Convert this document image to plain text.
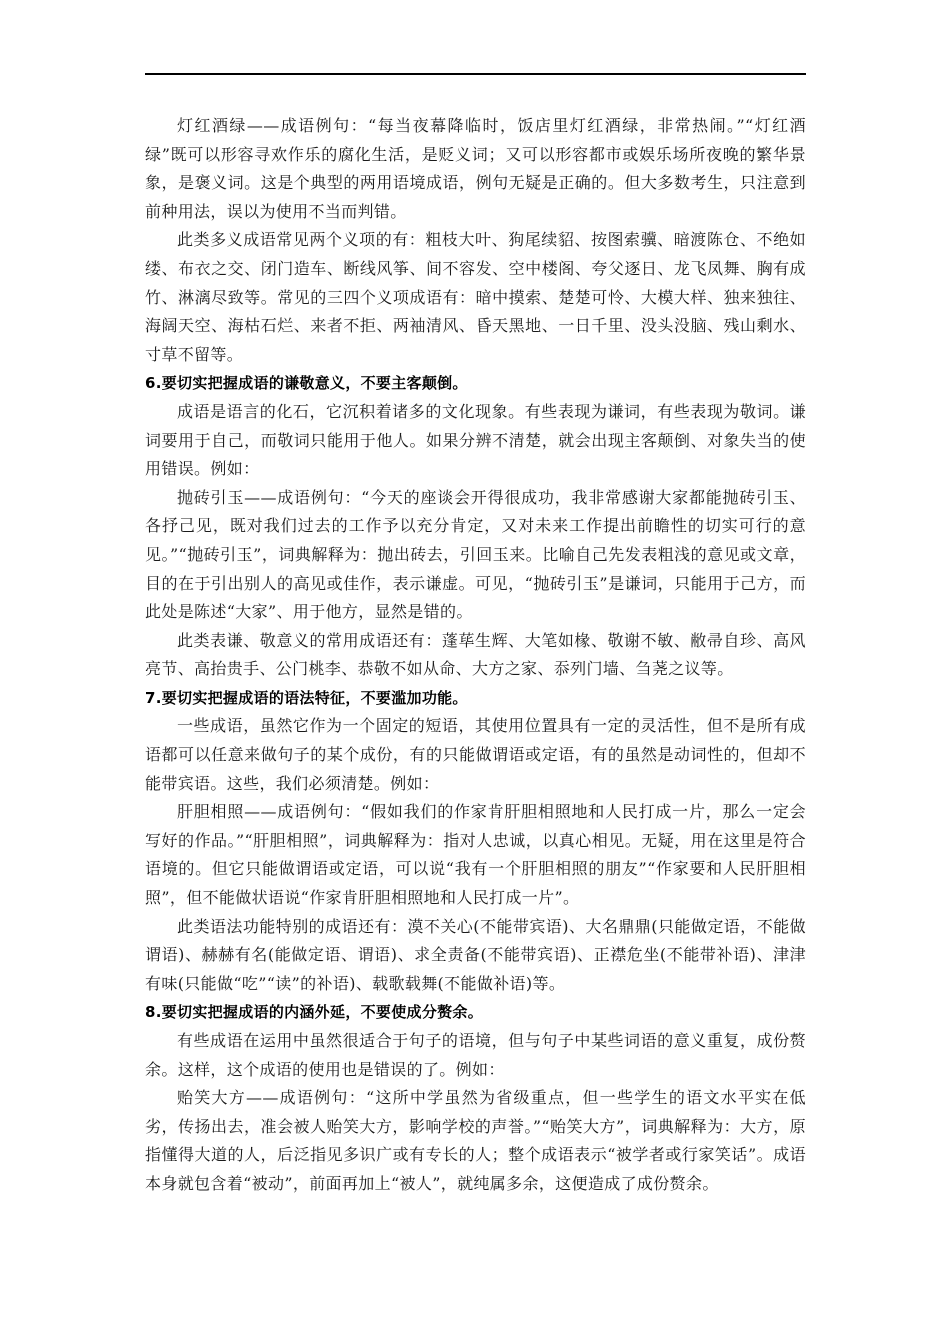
灯红酒绿——成语例句：“每当夜幕降临时，饭店里灯红酒绿，非常热闹。”“灯红酒绿”既可以形容寻欢作乐的腐化生活，是贬义词；又可以形容都市或娱乐场所夜晚的繁华景象，是褒义词。这是个典型的两用语境成语，例句无疑是正确的。但大多数考生，只注意到前种用法，误以为使用不当而判错。

此类多义成语常见两个义项的有：粗枝大叶、狗尾续貂、按图索骥、暗渡陈仓、不绝如缕、布衣之交、闭门造车、断线风筝、间不容发、空中楼阁、夸父逐日、龙飞凤舞、胸有成竹、淋漓尽致等。常见的三四个义项成语有：暗中摸索、楚楚可怜、大模大样、独来独往、海阔天空、海枯石烂、来者不拒、两袖清风、昏天黑地、一日千里、没头没脑、残山剩水、寸草不留等。

6.要切实把握成语的谦敬意义，不要主客颠倒。

成语是语言的化石，它沉积着诸多的文化现象。有些表现为谦词，有些表现为敬词。谦词要用于自己，而敬词只能用于他人。如果分辨不清楚，就会出现主客颠倒、对象失当的使用错误。例如：

抛砖引玉——成语例句：“今天的座谈会开得很成功，我非常感谢大家都能抛砖引玉、各抒己见，既对我们过去的工作予以充分肯定，又对未来工作提出前瞻性的切实可行的意见。”“抛砖引玉”，词典解释为：抛出砖去，引回玉来。比喻自己先发表粗浅的意见或文章，目的在于引出别人的高见或佳作，表示谦虚。可见，“抛砖引玉”是谦词，只能用于己方，而此处是陈述“大家”、用于他方，显然是错的。

此类表谦、敬意义的常用成语还有：蓬荜生辉、大笔如椽、敬谢不敏、敝帚自珍、高风亮节、高抬贵手、公门桃李、恭敬不如从命、大方之家、忝列门墙、刍荛之议等。

7.要切实把握成语的语法特征，不要滥加功能。

一些成语，虽然它作为一个固定的短语，其使用位置具有一定的灵活性，但不是所有成语都可以任意来做句子的某个成份，有的只能做谓语或定语，有的虽然是动词性的，但却不能带宾语。这些，我们必须清楚。例如：

肝胆相照——成语例句：“假如我们的作家肯肝胆相照地和人民打成一片，那么一定会写好的作品。”“肝胆相照”，词典解释为：指对人忠诚，以真心相见。无疑，用在这里是符合语境的。但它只能做谓语或定语，可以说“我有一个肝胆相照的朋友”“作家要和人民肝胆相照”，但不能做状语说“作家肯肝胆相照地和人民打成一片”。

此类语法功能特别的成语还有：漠不关心(不能带宾语)、大名鼎鼎(只能做定语，不能做谓语)、赫赫有名(能做定语、谓语)、求全责备(不能带宾语)、正襟危坐(不能带补语)、津津有味(只能做“吃”“读”的补语)、载歌载舞(不能做补语)等。

8.要切实把握成语的内涵外延，不要使成分赘余。

有些成语在运用中虽然很适合于句子的语境，但与句子中某些词语的意义重复，成份赘余。这样，这个成语的使用也是错误的了。例如：

贻笑大方——成语例句：“这所中学虽然为省级重点，但一些学生的语文水平实在低劣，传扬出去，准会被人贻笑大方，影响学校的声誉。”“贻笑大方”，词典解释为：大方，原指懂得大道的人，后泛指见多识广或有专长的人；整个成语表示“被学者或行家笑话”。成语本身就包含着“被动”，前面再加上“被人”，就纯属多余，这便造成了成份赘余。
